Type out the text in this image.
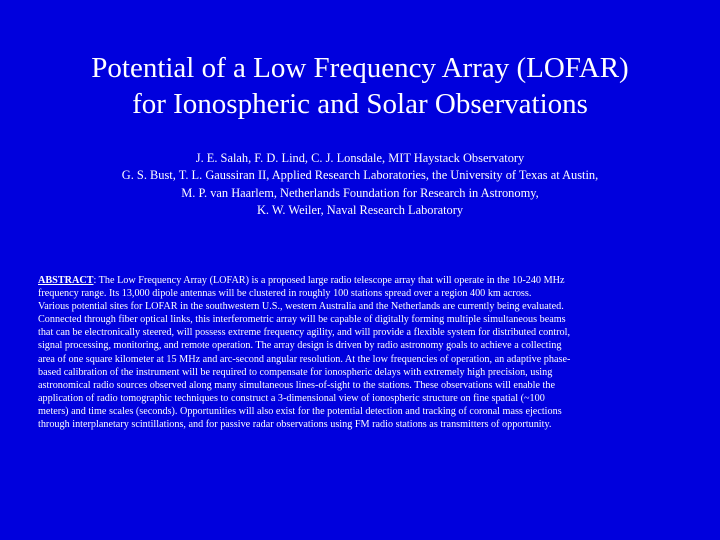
Potential of a Low Frequency Array (LOFAR)
for Ionospheric and Solar Observations
J. E. Salah, F. D. Lind, C. J. Lonsdale, MIT Haystack Observatory
G. S. Bust, T. L. Gaussiran II, Applied Research Laboratories, the University of Texas at Austin,
M. P. van Haarlem, Netherlands Foundation for Research in Astronomy,
K. W. Weiler, Naval Research Laboratory
ABSTRACT: The Low Frequency Array (LOFAR) is a proposed large radio telescope array that will operate in the 10-240 MHz
frequency range. Its 13,000 dipole antennas will be clustered in roughly 100 stations spread over a region 400 km across.
Various potential sites for LOFAR in the southwestern U.S., western Australia and the Netherlands are currently being evaluated.
Connected through fiber optical links, this interferometric array will be capable of digitally forming multiple simultaneous beams
that can be electronically steered, will possess extreme frequency agility, and will provide a flexible system for distributed control,
signal processing, monitoring, and remote operation. The array design is driven by radio astronomy goals to achieve a collecting
area of one square kilometer at 15 MHz and arc-second angular resolution. At the low frequencies of operation, an adaptive phase-
based calibration of the instrument will be required to compensate for ionospheric delays with extremely high precision, using
astronomical radio sources observed along many simultaneous lines-of-sight to the stations. These observations will enable the
application of radio tomographic techniques to construct a 3-dimensional view of ionospheric structure on fine spatial (~100
meters) and time scales (seconds). Opportunities will also exist for the potential detection and tracking of coronal mass ejections
through interplanetary scintillations, and for passive radar observations using FM radio stations as transmitters of opportunity.
